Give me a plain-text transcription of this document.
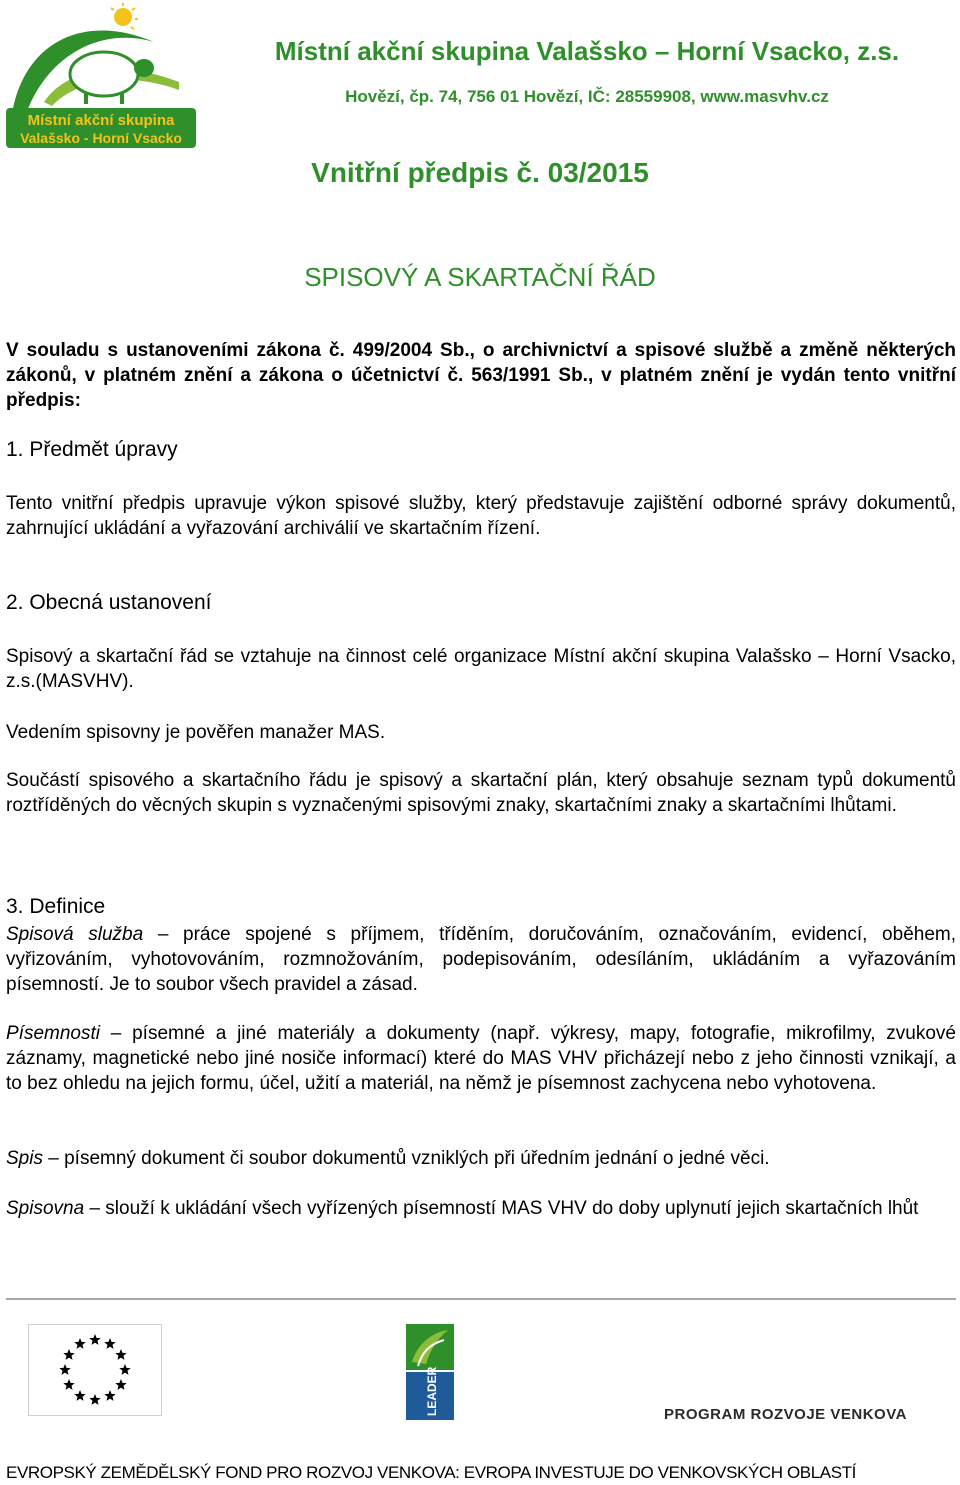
Místní akční skupina
Valašsko - Horní Vsacko
Místní akční skupina Valašsko – Horní Vsacko, z.s.
Hovězí, čp. 74, 756 01 Hovězí, IČ: 28559908, www.masvhv.cz
Vnitřní předpis č. 03/2015
SPISOVÝ A SKARTAČNÍ ŘÁD
V souladu s ustanoveními zákona č. 499/2004 Sb., o archivnictví a spisové službě a změně některých zákonů, v platném znění a zákona o účetnictví č. 563/1991 Sb., v platném znění je vydán tento vnitřní předpis:
1. Předmět úpravy
Tento vnitřní předpis upravuje výkon spisové služby, který představuje zajištění odborné správy dokumentů, zahrnující ukládání a vyřazování archiválií ve skartačním řízení.
2. Obecná ustanovení
Spisový a skartační řád se vztahuje na činnost celé organizace Místní akční skupina Valašsko – Horní Vsacko, z.s.(MASVHV).
Vedením spisovny je pověřen manažer MAS.
Součástí spisového a skartačního řádu je spisový a skartační plán, který obsahuje seznam typů dokumentů roztříděných do věcných skupin s vyznačenými spisovými znaky, skartačními znaky a skartačními lhůtami.
3. Definice
Spisová služba – práce spojené s příjmem, tříděním, doručováním, označováním, evidencí, oběhem, vyřizováním, vyhotovováním, rozmnožováním, podepisováním, odesíláním, ukládáním a vyřazováním písemností. Je to soubor všech pravidel a zásad.
Písemnosti – písemné a jiné materiály a dokumenty (např. výkresy, mapy, fotografie, mikrofilmy, zvukové záznamy, magnetické nebo jiné nosiče informací) které do MAS VHV přicházejí nebo z jeho činnosti vznikají, a to bez ohledu na jejich formu, účel, užití a materiál, na němž je písemnost zachycena nebo vyhotovena.
Spis – písemný dokument či soubor dokumentů vzniklých při úředním jednání o jedné věci.
Spisovna – slouží k ukládání všech vyřízených písemností MAS VHV do doby uplynutí jejich skartačních lhůt
LEADER	PROGRAM ROZVOJE VENKOVA
EVROPSKÝ ZEMĚDĚLSKÝ FOND PRO ROZVOJ VENKOVA: EVROPA INVESTUJE DO VENKOVSKÝCH OBLASTÍ
